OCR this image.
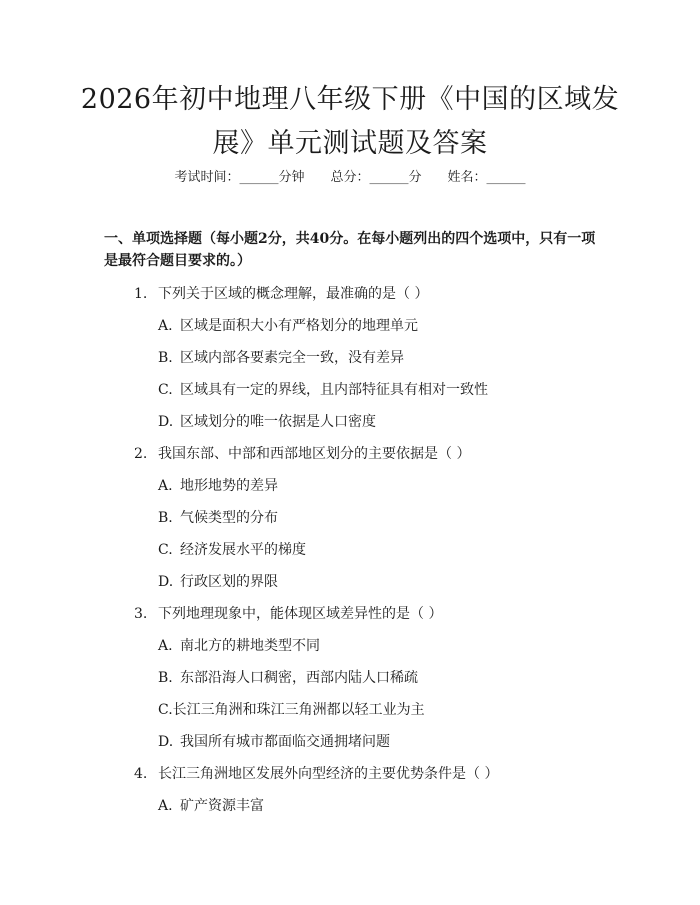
2026年初中地理八年级下册《中国的区域发
展》单元测试题及答案
考试时间：______分钟 总分：______分 姓名：______
一、单项选择题（每小题2分，共40分。在每小题列出的四个选项中，只有一项是最符合题目要求的。）
1. 下列关于区域的概念理解，最准确的是（ ）
A. 区域是面积大小有严格划分的地理单元
B. 区域内部各要素完全一致，没有差异
C. 区域具有一定的界线，且内部特征具有相对一致性
D. 区域划分的唯一依据是人口密度
2. 我国东部、中部和西部地区划分的主要依据是（ ）
A. 地形地势的差异
B. 气候类型的分布
C. 经济发展水平的梯度
D. 行政区划的界限
3. 下列地理现象中，能体现区域差异性的是（ ）
A. 南北方的耕地类型不同
B. 东部沿海人口稠密，西部内陆人口稀疏
C.长江三角洲和珠江三角洲都以轻工业为主
D. 我国所有城市都面临交通拥堵问题
4. 长江三角洲地区发展外向型经济的主要优势条件是（ ）
A. 矿产资源丰富
